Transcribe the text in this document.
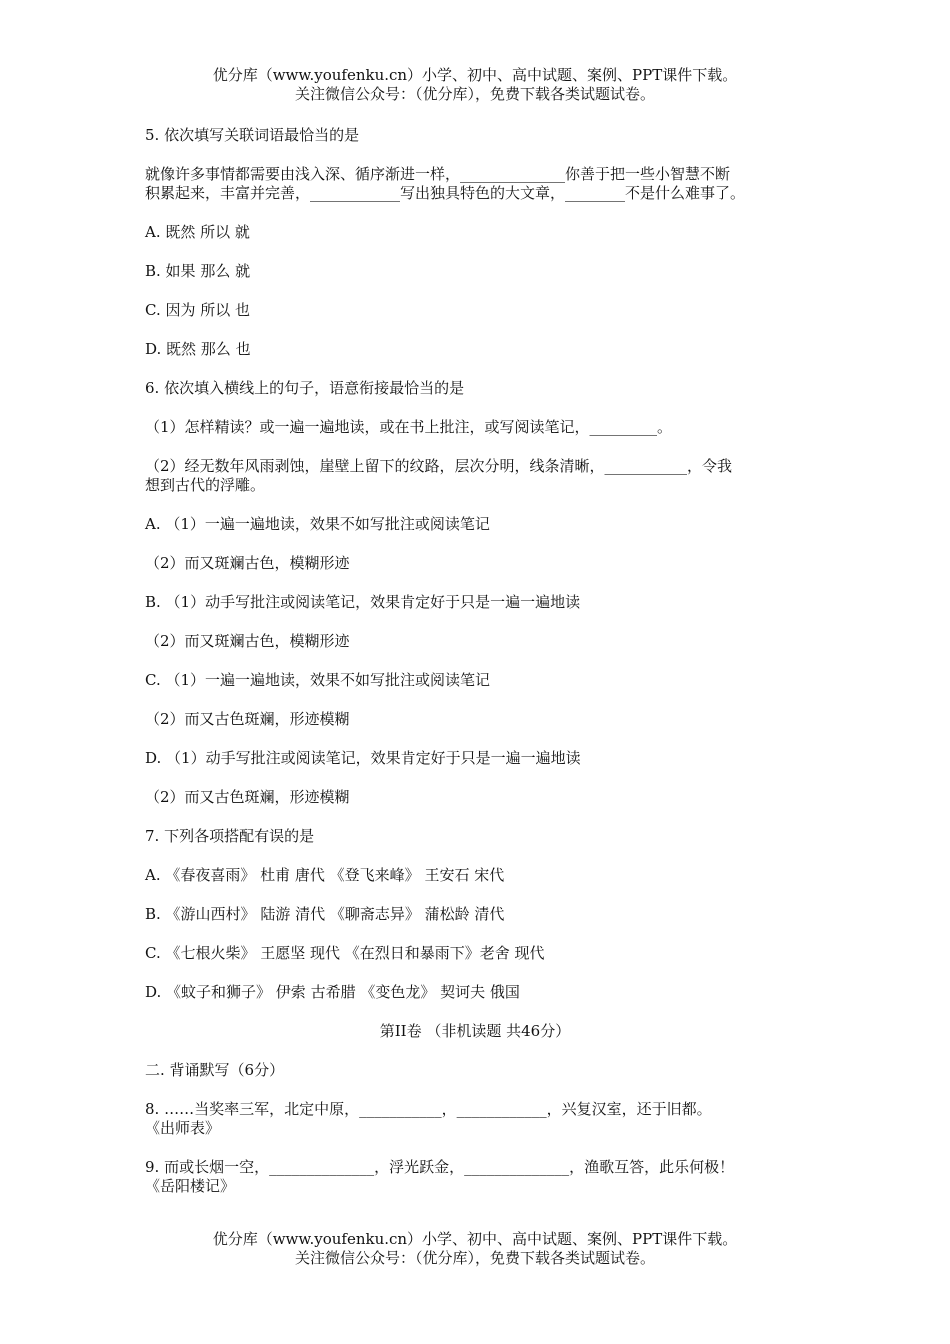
优分库（www.youfenku.cn）小学、初中、高中试题、案例、PPT课件下载。
关注微信公众号：（优分库），免费下载各类试题试卷。
5. 依次填写关联词语最恰当的是
就像许多事情都需要由浅入深、循序渐进一样，______________你善于把一些小智慧不断
积累起来，丰富并完善，____________写出独具特色的大文章，________不是什么难事了。
A. 既然 所以 就
B. 如果 那么 就
C. 因为 所以 也
D. 既然 那么 也
6. 依次填入横线上的句子，语意衔接最恰当的是
（1）怎样精读？或一遍一遍地读，或在书上批注，或写阅读笔记，_________。
（2）经无数年风雨剥蚀，崖壁上留下的纹路，层次分明，线条清晰，___________，令我
想到古代的浮雕。
A. （1）一遍一遍地读，效果不如写批注或阅读笔记
（2）而又斑斓古色，模糊形迹
B. （1）动手写批注或阅读笔记，效果肯定好于只是一遍一遍地读
（2）而又斑斓古色，模糊形迹
C. （1）一遍一遍地读，效果不如写批注或阅读笔记
（2）而又古色斑斓，形迹模糊
D. （1）动手写批注或阅读笔记，效果肯定好于只是一遍一遍地读
（2）而又古色斑斓，形迹模糊
7. 下列各项搭配有误的是
A. 《春夜喜雨》 杜甫 唐代 《登飞来峰》 王安石 宋代
B. 《游山西村》 陆游 清代 《聊斋志异》 蒲松龄 清代
C. 《七根火柴》 王愿坚 现代 《在烈日和暴雨下》老舍 现代
D. 《蚊子和狮子》 伊索 古希腊 《变色龙》 契诃夫 俄国
第II卷 （非机读题 共46分）
二. 背诵默写（6分）
8. ……当奖率三军，北定中原，___________，____________，兴复汉室，还于旧都。
《出师表》
9. 而或长烟一空，______________，浮光跃金，______________，渔歌互答，此乐何极！
《岳阳楼记》
优分库（www.youfenku.cn）小学、初中、高中试题、案例、PPT课件下载。
关注微信公众号：（优分库），免费下载各类试题试卷。
